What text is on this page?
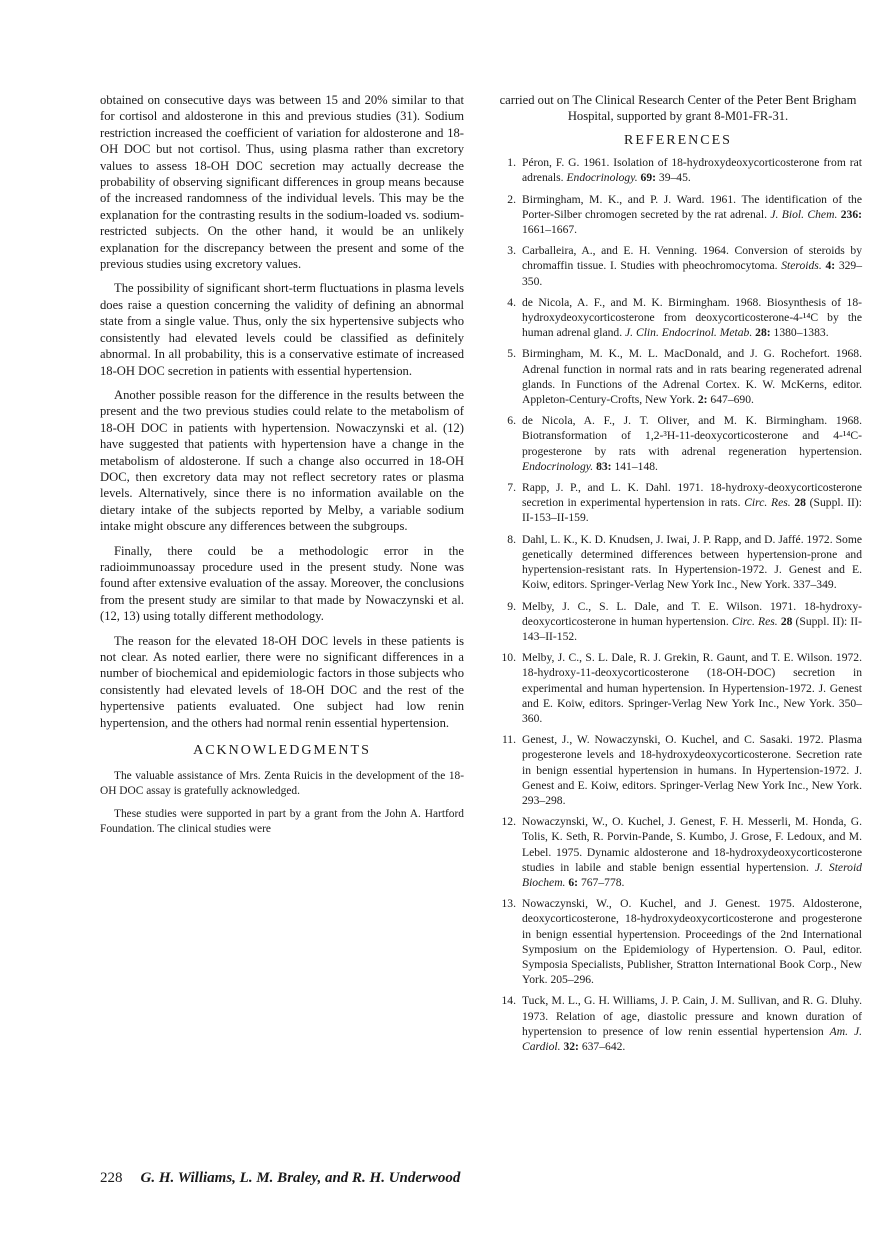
obtained on consecutive days was between 15 and 20% similar to that for cortisol and aldosterone in this and previous studies (31). Sodium restriction increased the coefficient of variation for aldosterone and 18-OH DOC but not cortisol. Thus, using plasma rather than excretory values to assess 18-OH DOC secretion may actually decrease the probability of observing significant differences in group means because of the increased randomness of the individual levels. This may be the explanation for the contrasting results in the sodium-loaded vs. sodium-restricted subjects. On the other hand, it would be an unlikely explanation for the discrepancy between the present and some of the previous studies using excretory values.

The possibility of significant short-term fluctuations in plasma levels does raise a question concerning the validity of defining an abnormal state from a single value. Thus, only the six hypertensive subjects who consistently had elevated levels could be classified as definitely abnormal. In all probability, this is a conservative estimate of increased 18-OH DOC secretion in patients with essential hypertension.

Another possible reason for the difference in the results between the present and the two previous studies could relate to the metabolism of 18-OH DOC in patients with hypertension. Nowaczynski et al. (12) have suggested that patients with hypertension have a change in the metabolism of aldosterone. If such a change also occurred in 18-OH DOC, then excretory data may not reflect secretory rates or plasma levels. Alternatively, since there is no information available on the dietary intake of the subjects reported by Melby, a variable sodium intake might obscure any differences between the subgroups.

Finally, there could be a methodologic error in the radioimmunoassay procedure used in the present study. None was found after extensive evaluation of the assay. Moreover, the conclusions from the present study are similar to that made by Nowaczynski et al. (12, 13) using totally different methodology.

The reason for the elevated 18-OH DOC levels in these patients is not clear. As noted earlier, there were no significant differences in a number of biochemical and epidemiologic factors in those subjects who consistently had elevated levels of 18-OH DOC and the rest of the hypertensive patients evaluated. One subject had low renin hypertension, and the others had normal renin essential hypertension.

ACKNOWLEDGMENTS

The valuable assistance of Mrs. Zenta Ruicis in the development of the 18-OH DOC assay is gratefully acknowledged.

These studies were supported in part by a grant from the John A. Hartford Foundation. The clinical studies were

carried out on The Clinical Research Center of the Peter Bent Brigham Hospital, supported by grant 8-M01-FR-31.

REFERENCES
1. Péron, F. G. 1961. Isolation of 18-hydroxydeoxycorticosterone from rat adrenals. Endocrinology. 69: 39–45.
2. Birmingham, M. K., and P. J. Ward. 1961. The identification of the Porter-Silber chromogen secreted by the rat adrenal. J. Biol. Chem. 236: 1661–1667.
3. Carballeira, A., and E. H. Venning. 1964. Conversion of steroids by chromaffin tissue. I. Studies with pheochromocytoma. Steroids. 4: 329–350.
4. de Nicola, A. F., and M. K. Birmingham. 1968. Biosynthesis of 18-hydroxydeoxycorticosterone from deoxycorticosterone-4-¹⁴C by the human adrenal gland. J. Clin. Endocrinol. Metab. 28: 1380–1383.
5. Birmingham, M. K., M. L. MacDonald, and J. G. Rochefort. 1968. Adrenal function in normal rats and in rats bearing regenerated adrenal glands. In Functions of the Adrenal Cortex. K. W. McKerns, editor. Appleton-Century-Crofts, New York. 2: 647–690.
6. de Nicola, A. F., J. T. Oliver, and M. K. Birmingham. 1968. Biotransformation of 1,2-³H-11-deoxycorticosterone and 4-¹⁴C-progesterone by rats with adrenal regeneration hypertension. Endocrinology. 83: 141–148.
7. Rapp, J. P., and L. K. Dahl. 1971. 18-hydroxy-deoxycorticosterone secretion in experimental hypertension in rats. Circ. Res. 28 (Suppl. II): II-153–II-159.
8. Dahl, L. K., K. D. Knudsen, J. Iwai, J. P. Rapp, and D. Jaffé. 1972. Some genetically determined differences between hypertension-prone and hypertension-resistant rats. In Hypertension-1972. J. Genest and E. Koiw, editors. Springer-Verlag New York Inc., New York. 337–349.
9. Melby, J. C., S. L. Dale, and T. E. Wilson. 1971. 18-hydroxy-deoxycorticosterone in human hypertension. Circ. Res. 28 (Suppl. II): II-143–II-152.
10. Melby, J. C., S. L. Dale, R. J. Grekin, R. Gaunt, and T. E. Wilson. 1972. 18-hydroxy-11-deoxycorticosterone (18-OH-DOC) secretion in experimental and human hypertension. In Hypertension-1972. J. Genest and E. Koiw, editors. Springer-Verlag New York Inc., New York. 350–360.
11. Genest, J., W. Nowaczynski, O. Kuchel, and C. Sasaki. 1972. Plasma progesterone levels and 18-hydroxydeoxycorticosterone. Secretion rate in benign essential hypertension in humans. In Hypertension-1972. J. Genest and E. Koiw, editors. Springer-Verlag New York Inc., New York. 293–298.
12. Nowaczynski, W., O. Kuchel, J. Genest, F. H. Messerli, M. Honda, G. Tolis, K. Seth, R. Porvin-Pande, S. Kumbo, J. Grose, F. Ledoux, and M. Lebel. 1975. Dynamic aldosterone and 18-hydroxydeoxycorticosterone studies in labile and stable benign essential hypertension. J. Steroid Biochem. 6: 767–778.
13. Nowaczynski, W., O. Kuchel, and J. Genest. 1975. Aldosterone, deoxycorticosterone, 18-hydroxydeoxycorticosterone and progesterone in benign essential hypertension. Proceedings of the 2nd International Symposium on the Epidemiology of Hypertension. O. Paul, editor. Symposia Specialists, Publisher, Stratton International Book Corp., New York. 205–296.
14. Tuck, M. L., G. H. Williams, J. P. Cain, J. M. Sullivan, and R. G. Dluhy. 1973. Relation of age, diastolic pressure and known duration of hypertension to presence of low renin essential hypertension Am. J. Cardiol. 32: 637–642.
228 G. H. Williams, L. M. Braley, and R. H. Underwood
